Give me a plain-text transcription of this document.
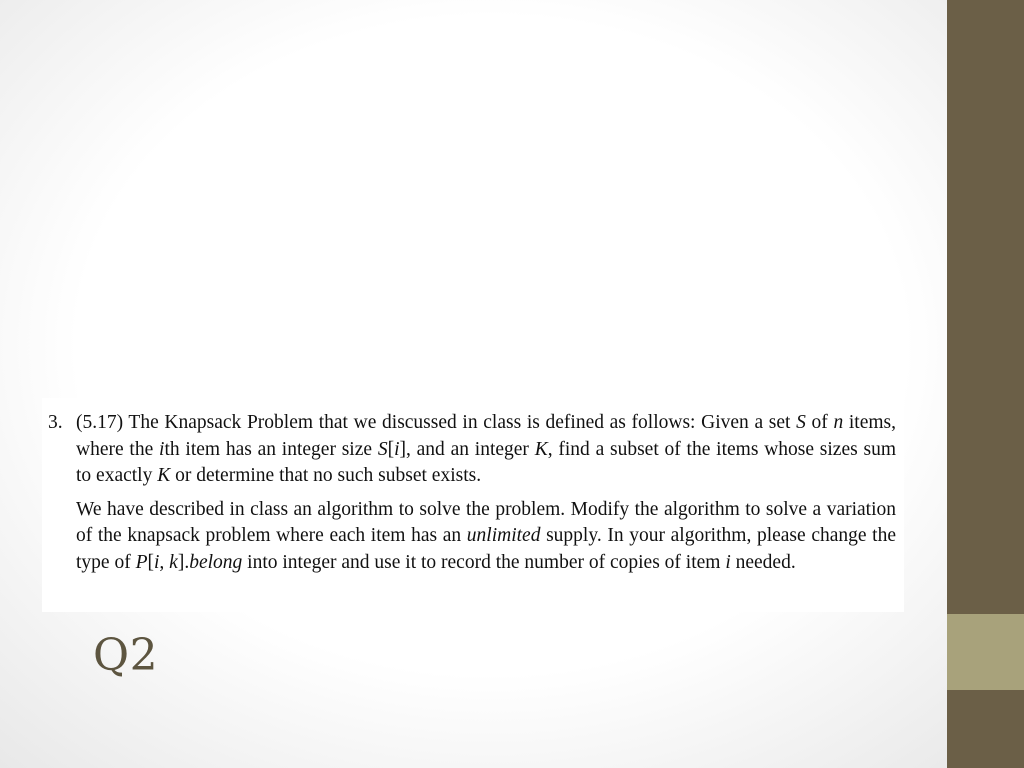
3. (5.17) The Knapsack Problem that we discussed in class is defined as follows: Given a set S of n items, where the ith item has an integer size S[i], and an integer K, find a subset of the items whose sizes sum to exactly K or determine that no such subset exists.

We have described in class an algorithm to solve the problem. Modify the algorithm to solve a variation of the knapsack problem where each item has an unlimited supply. In your algorithm, please change the type of P[i, k].belong into integer and use it to record the number of copies of item i needed.

Q2
